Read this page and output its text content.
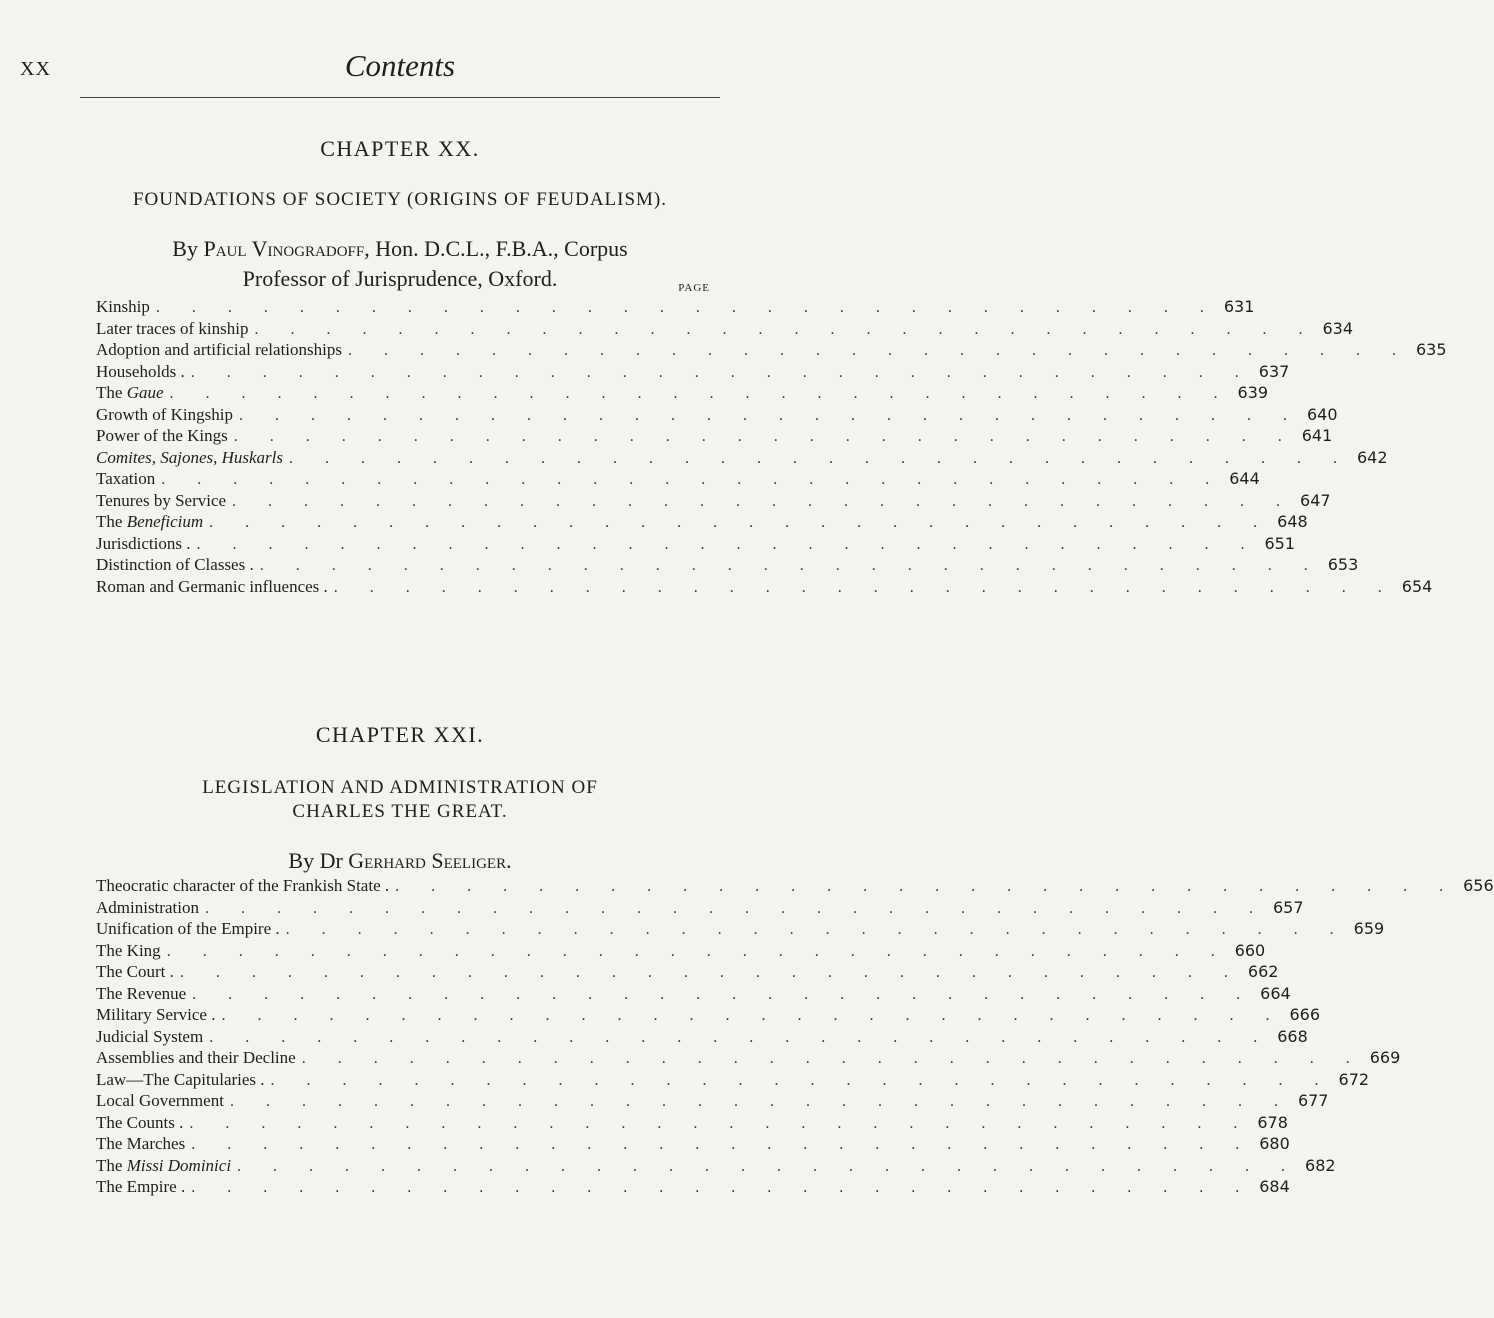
XX	Contents

CHAPTER XX.

FOUNDATIONS OF SOCIETY (ORIGINS OF FEUDALISM).

By Paul Vinogradoff, Hon. D.C.L., F.B.A., Corpus

Professor of Jurisprudence, Oxford.	PAGE
Kinship . . . . . . . . . . . . . . . . . . . . . . . . . . . . . . 631
Later traces of kinship . . . . . . . . . . . . . . . . . . . . . . . . . . . . . . 634
Adoption and artificial relationships . . . . . . . . . . . . . . . . . . . . . . . . . . . . . . 635
Households . . . . . . . . . . . . . . . . . . . . . . . . . . . . . . . 637
The Gaue . . . . . . . . . . . . . . . . . . . . . . . . . . . . . . 639
Growth of Kingship . . . . . . . . . . . . . . . . . . . . . . . . . . . . . . 640
Power of the Kings . . . . . . . . . . . . . . . . . . . . . . . . . . . . . . 641
Comites, Sajones, Huskarls . . . . . . . . . . . . . . . . . . . . . . . . . . . . . . 642
Taxation . . . . . . . . . . . . . . . . . . . . . . . . . . . . . . 644
Tenures by Service . . . . . . . . . . . . . . . . . . . . . . . . . . . . . . 647
The Beneficium . . . . . . . . . . . . . . . . . . . . . . . . . . . . . . 648
Jurisdictions . . . . . . . . . . . . . . . . . . . . . . . . . . . . . . . 651
Distinction of Classes . . . . . . . . . . . . . . . . . . . . . . . . . . . . . . . 653
Roman and Germanic influences . . . . . . . . . . . . . . . . . . . . . . . . . . . . . . . 654

CHAPTER XXI.

LEGISLATION AND ADMINISTRATION OF

CHARLES THE GREAT.

By Dr Gerhard Seeliger.

Theocratic character of the Frankish State . . . . . . . . . . . . . . . . . . . . . . . . . . . . . . . 656
Administration . . . . . . . . . . . . . . . . . . . . . . . . . . . . . . 657
Unification of the Empire . . . . . . . . . . . . . . . . . . . . . . . . . . . . . . . 659
The King . . . . . . . . . . . . . . . . . . . . . . . . . . . . . . 660
The Court . . . . . . . . . . . . . . . . . . . . . . . . . . . . . . . 662
The Revenue . . . . . . . . . . . . . . . . . . . . . . . . . . . . . . 664
Military Service . . . . . . . . . . . . . . . . . . . . . . . . . . . . . . . 666
Judicial System . . . . . . . . . . . . . . . . . . . . . . . . . . . . . . 668
Assemblies and their Decline . . . . . . . . . . . . . . . . . . . . . . . . . . . . . . 669
Law—The Capitularies . . . . . . . . . . . . . . . . . . . . . . . . . . . . . . . 672
Local Government . . . . . . . . . . . . . . . . . . . . . . . . . . . . . . 677
The Counts . . . . . . . . . . . . . . . . . . . . . . . . . . . . . . . 678
The Marches . . . . . . . . . . . . . . . . . . . . . . . . . . . . . . 680
The Missi Dominici . . . . . . . . . . . . . . . . . . . . . . . . . . . . . . 682
The Empire . . . . . . . . . . . . . . . . . . . . . . . . . . . . . . . 684
